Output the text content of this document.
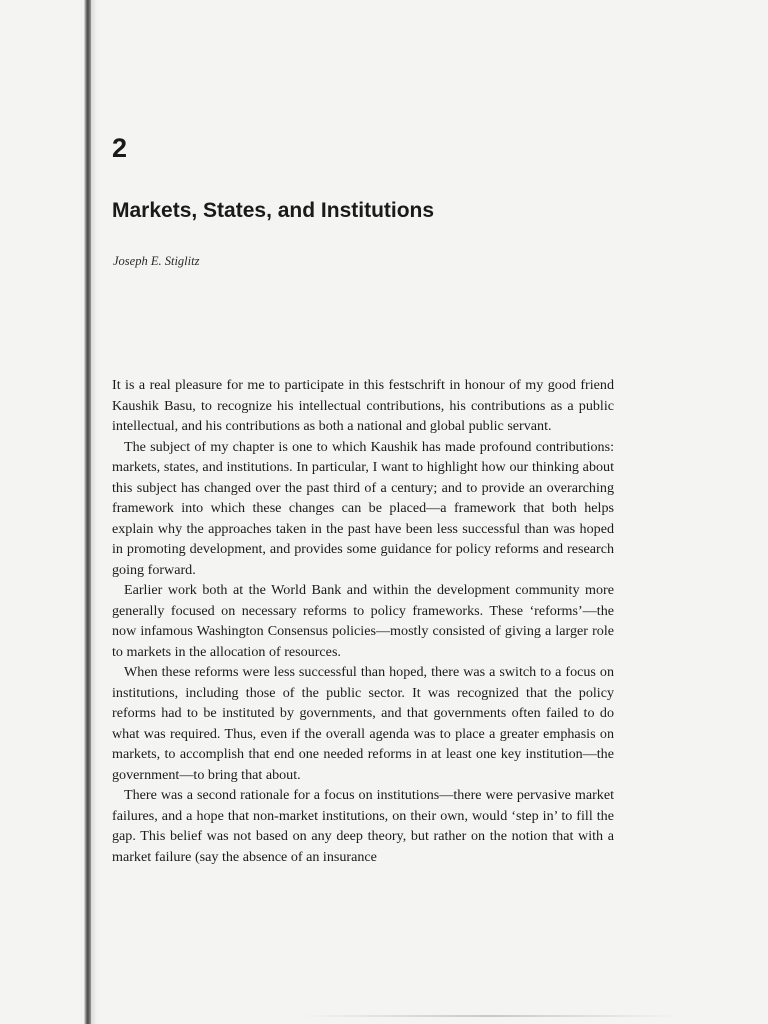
2
Markets, States, and Institutions
Joseph E. Stiglitz

It is a real pleasure for me to participate in this festschrift in honour of my good friend Kaushik Basu, to recognize his intellectual contributions, his contributions as a public intellectual, and his contributions as both a national and global public servant.

The subject of my chapter is one to which Kaushik has made profound contributions: markets, states, and institutions. In particular, I want to highlight how our thinking about this subject has changed over the past third of a century; and to provide an overarching framework into which these changes can be placed—a framework that both helps explain why the approaches taken in the past have been less successful than was hoped in promoting development, and provides some guidance for policy reforms and research going forward.

Earlier work both at the World Bank and within the development community more generally focused on necessary reforms to policy frameworks. These ‘reforms’—the now infamous Washington Consensus policies—mostly consisted of giving a larger role to markets in the allocation of resources.

When these reforms were less successful than hoped, there was a switch to a focus on institutions, including those of the public sector. It was recognized that the policy reforms had to be instituted by governments, and that governments often failed to do what was required. Thus, even if the overall agenda was to place a greater emphasis on markets, to accomplish that end one needed reforms in at least one key institution—the government—to bring that about.

There was a second rationale for a focus on institutions—there were pervasive market failures, and a hope that non-market institutions, on their own, would ‘step in’ to fill the gap. This belief was not based on any deep theory, but rather on the notion that with a market failure (say the absence of an insurance
